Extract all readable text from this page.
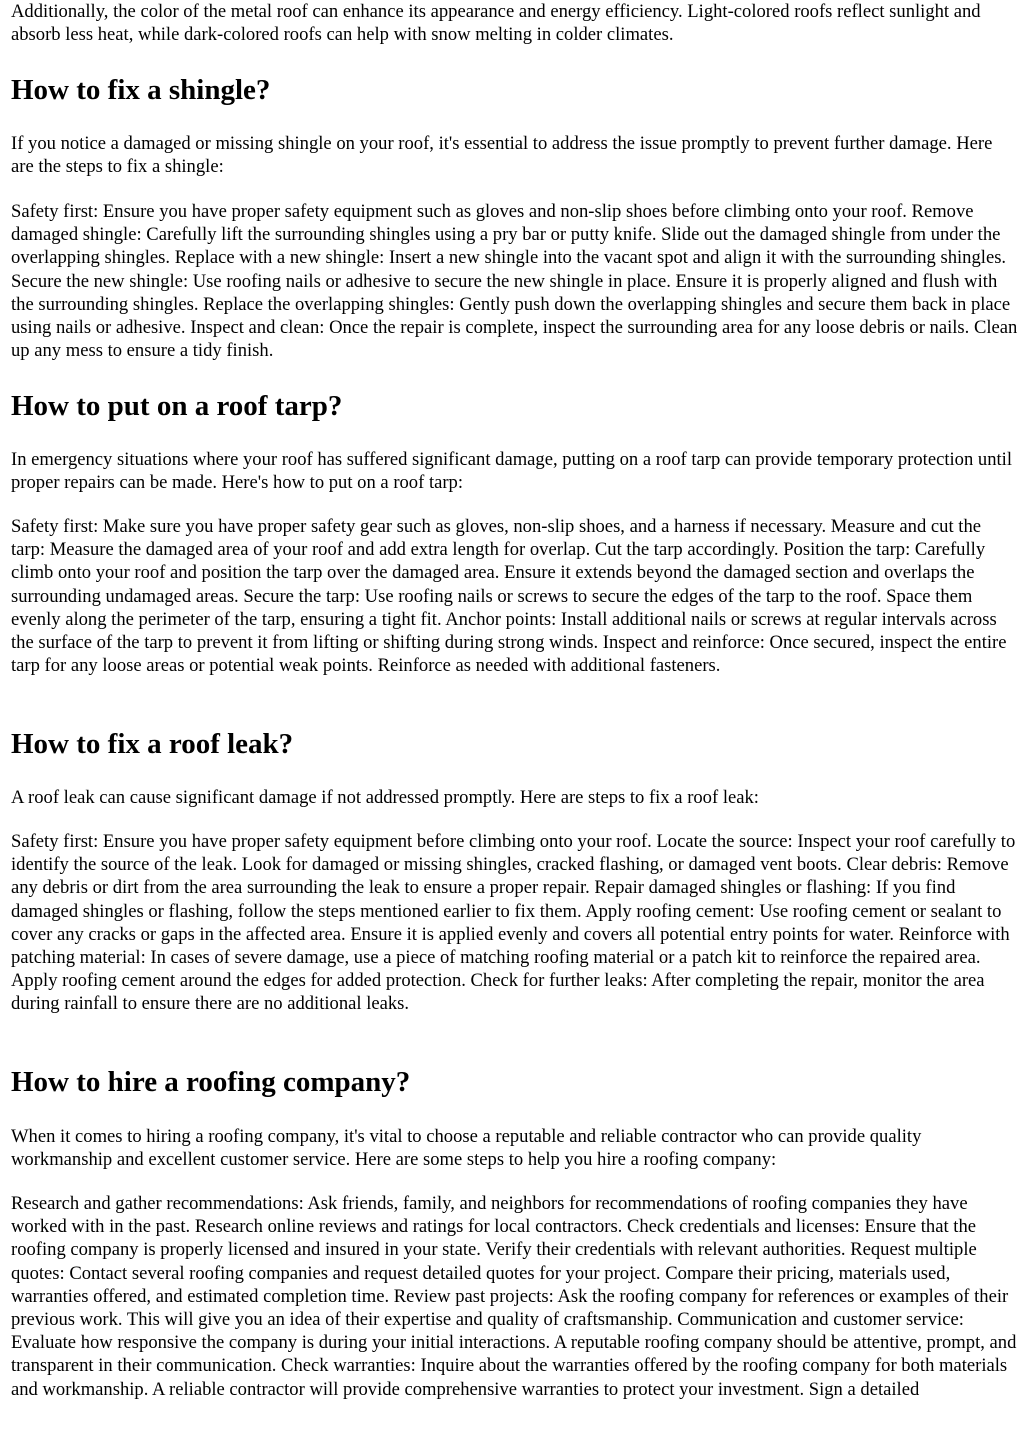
Additionally, the color of the metal roof can enhance its appearance and energy efficiency. Light-colored roofs reflect sunlight and absorb less heat, while dark-colored roofs can help with snow melting in colder climates.

How to fix a shingle?

If you notice a damaged or missing shingle on your roof, it's essential to address the issue promptly to prevent further damage. Here are the steps to fix a shingle:

Safety first: Ensure you have proper safety equipment such as gloves and non-slip shoes before climbing onto your roof. Remove damaged shingle: Carefully lift the surrounding shingles using a pry bar or putty knife. Slide out the damaged shingle from under the overlapping shingles. Replace with a new shingle: Insert a new shingle into the vacant spot and align it with the surrounding shingles. Secure the new shingle: Use roofing nails or adhesive to secure the new shingle in place. Ensure it is properly aligned and flush with the surrounding shingles. Replace the overlapping shingles: Gently push down the overlapping shingles and secure them back in place using nails or adhesive. Inspect and clean: Once the repair is complete, inspect the surrounding area for any loose debris or nails. Clean up any mess to ensure a tidy finish.

How to put on a roof tarp?

In emergency situations where your roof has suffered significant damage, putting on a roof tarp can provide temporary protection until proper repairs can be made. Here's how to put on a roof tarp:

Safety first: Make sure you have proper safety gear such as gloves, non-slip shoes, and a harness if necessary. Measure and cut the tarp: Measure the damaged area of your roof and add extra length for overlap. Cut the tarp accordingly. Position the tarp: Carefully climb onto your roof and position the tarp over the damaged area. Ensure it extends beyond the damaged section and overlaps the surrounding undamaged areas. Secure the tarp: Use roofing nails or screws to secure the edges of the tarp to the roof. Space them evenly along the perimeter of the tarp, ensuring a tight fit. Anchor points: Install additional nails or screws at regular intervals across the surface of the tarp to prevent it from lifting or shifting during strong winds. Inspect and reinforce: Once secured, inspect the entire tarp for any loose areas or potential weak points. Reinforce as needed with additional fasteners.

How to fix a roof leak?

A roof leak can cause significant damage if not addressed promptly. Here are steps to fix a roof leak:

Safety first: Ensure you have proper safety equipment before climbing onto your roof. Locate the source: Inspect your roof carefully to identify the source of the leak. Look for damaged or missing shingles, cracked flashing, or damaged vent boots. Clear debris: Remove any debris or dirt from the area surrounding the leak to ensure a proper repair. Repair damaged shingles or flashing: If you find damaged shingles or flashing, follow the steps mentioned earlier to fix them. Apply roofing cement: Use roofing cement or sealant to cover any cracks or gaps in the affected area. Ensure it is applied evenly and covers all potential entry points for water. Reinforce with patching material: In cases of severe damage, use a piece of matching roofing material or a patch kit to reinforce the repaired area. Apply roofing cement around the edges for added protection. Check for further leaks: After completing the repair, monitor the area during rainfall to ensure there are no additional leaks.

How to hire a roofing company?

When it comes to hiring a roofing company, it's vital to choose a reputable and reliable contractor who can provide quality workmanship and excellent customer service. Here are some steps to help you hire a roofing company:

Research and gather recommendations: Ask friends, family, and neighbors for recommendations of roofing companies they have worked with in the past. Research online reviews and ratings for local contractors. Check credentials and licenses: Ensure that the roofing company is properly licensed and insured in your state. Verify their credentials with relevant authorities. Request multiple quotes: Contact several roofing companies and request detailed quotes for your project. Compare their pricing, materials used, warranties offered, and estimated completion time. Review past projects: Ask the roofing company for references or examples of their previous work. This will give you an idea of their expertise and quality of craftsmanship. Communication and customer service: Evaluate how responsive the company is during your initial interactions. A reputable roofing company should be attentive, prompt, and transparent in their communication. Check warranties: Inquire about the warranties offered by the roofing company for both materials and workmanship. A reliable contractor will provide comprehensive warranties to protect your investment. Sign a detailed
